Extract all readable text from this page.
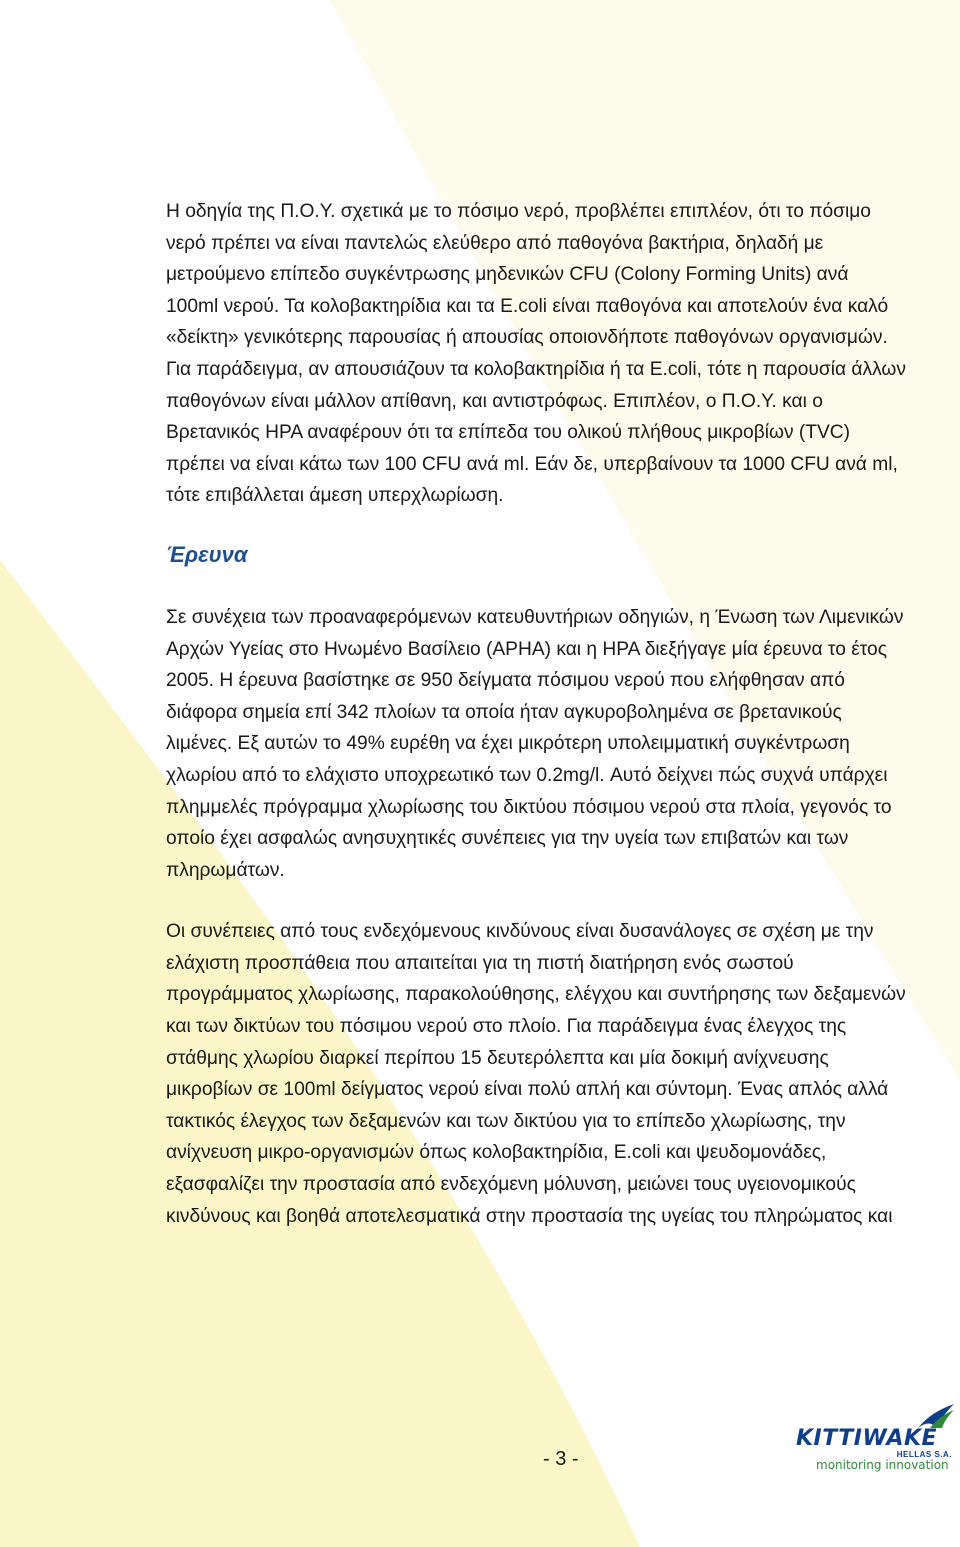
Η οδηγία της Π.Ο.Υ. σχετικά με το πόσιμο νερό, προβλέπει επιπλέον, ότι το πόσιμο νερό πρέπει να είναι παντελώς ελεύθερο από παθογόνα βακτήρια, δηλαδή με μετρούμενο επίπεδο συγκέντρωσης μηδενικών CFU (Colony Forming Units) ανά 100ml νερού. Τα κολοβακτηρίδια και τα E.coli είναι παθογόνα και αποτελούν ένα καλό «δείκτη» γενικότερης παρουσίας ή απουσίας οποιονδήποτε παθογόνων οργανισμών. Για παράδειγμα, αν απουσιάζουν τα κολοβακτηρίδια ή τα E.coli, τότε η παρουσία άλλων παθογόνων είναι μάλλον απίθανη, και αντιστρόφως. Επιπλέον, ο Π.Ο.Υ. και ο Βρετανικός HPA αναφέρουν ότι τα επίπεδα του ολικού πλήθους μικροβίων (TVC) πρέπει να είναι κάτω των 100 CFU ανά ml. Εάν δε, υπερβαίνουν τα 1000 CFU ανά ml, τότε επιβάλλεται άμεση υπερχλωρίωση.

Έρευνα

Σε συνέχεια των προαναφερόμενων κατευθυντήριων οδηγιών, η Ένωση των Λιμενικών Αρχών Υγείας στο Ηνωμένο Βασίλειο (APHA) και η HPA διεξήγαγε μία έρευνα το έτος 2005. Η έρευνα βασίστηκε σε 950 δείγματα πόσιμου νερού που ελήφθησαν από διάφορα σημεία επί 342 πλοίων τα οποία ήταν αγκυροβολημένα σε βρετανικούς λιμένες. Εξ αυτών το 49% ευρέθη να έχει μικρότερη υπολειμματική συγκέντρωση χλωρίου από το ελάχιστο υποχρεωτικό των 0.2mg/l. Αυτό δείχνει πώς συχνά υπάρχει πλημμελές πρόγραμμα χλωρίωσης του δικτύου πόσιμου νερού στα πλοία, γεγονός το οποίο έχει ασφαλώς ανησυχητικές συνέπειες για την υγεία των επιβατών και των πληρωμάτων.

Οι συνέπειες από τους ενδεχόμενους κινδύνους είναι δυσανάλογες σε σχέση με την ελάχιστη προσπάθεια που απαιτείται για τη πιστή διατήρηση ενός σωστού προγράμματος χλωρίωσης, παρακολούθησης, ελέγχου και συντήρησης των δεξαμενών και των δικτύων του πόσιμου νερού στο πλοίο. Για παράδειγμα ένας έλεγχος της στάθμης χλωρίου διαρκεί περίπου 15 δευτερόλεπτα και μία δοκιμή ανίχνευσης μικροβίων σε 100ml δείγματος νερού είναι πολύ απλή και σύντομη. Ένας απλός αλλά τακτικός έλεγχος των δεξαμενών και των δικτύου για το επίπεδο χλωρίωσης, την ανίχνευση μικρο-οργανισμών όπως κολοβακτηρίδια, E.coli και ψευδομονάδες, εξασφαλίζει την προστασία από ενδεχόμενη μόλυνση, μειώνει τους υγειονομικούς κινδύνους και βοηθά αποτελεσματικά στην προστασία της υγείας του πληρώματος και

- 3 -
KITTIWAKE
HELLAS S.A.
monitoring innovation
